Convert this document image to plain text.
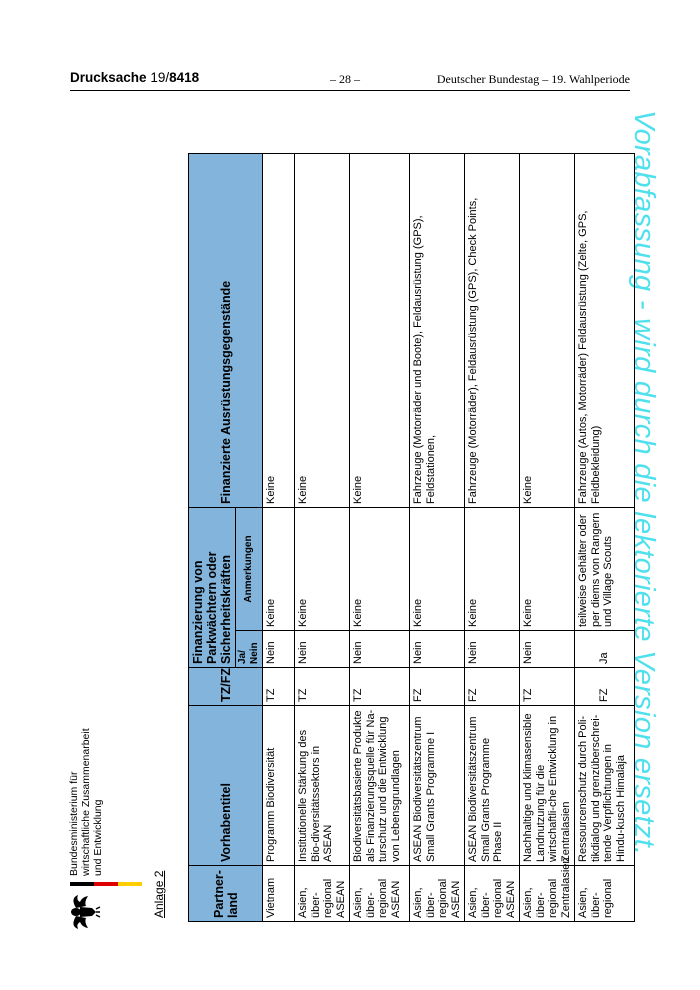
Drucksache 19/8418	– 28 –	Deutscher Bundestag – 19. Wahlperiode
Vorabfassung - wird durch die lektorierte Version ersetzt.
Bundesministerium für wirtschaftliche Zusammenarbeit und Entwicklung
Anlage 2	Partner-land	Vorhabentitel	TZ/FZ	Finanzierung von Parkwächtern oder Sicherheitskräften		Finanzierte Ausrüstungsgegenstände
			Ja/ Nein	Anmerkungen	
Vietnam	Programm Biodiversität	TZ	Nein	Keine	Keine
Asien, über-regional ASEAN	Institutionelle Stärkung des Bio-diversitätssektors in ASEAN	TZ	Nein	Keine	Keine
Asien, über-regional ASEAN	Biodiversitätsbasierte Produkte als Finanzierungsquelle für Na-turschutz und die Entwicklung von Lebensgrundlagen	TZ	Nein	Keine	Keine
Asien, über-regional ASEAN	ASEAN Biodiversitätszentrum Small Grants Programme I	FZ	Nein	Keine	Fahrzeuge (Motorräder und Boote), Feldausrüstung (GPS), Feldstationen,
Asien, über-regional ASEAN	ASEAN Biodiversitätszentrum Small Grants Programme Phase II	FZ	Nein	Keine	Fahrzeuge (Motorräder), Feldausrüstung (GPS), Check Points,
Asien, über-regional Zentralasien	Nachhaltige und klimasensible Landnutzung für die wirtschaftli-che Entwicklung in Zentralasien	TZ	Nein	Keine	Keine
Asien, über-regional	Ressourcenschutz durch Poli-tikdialog und grenzüberschrei-tende Verpflichtungen in Hindu-kusch Himalaja	FZ	Ja	teilweise Gehälter oder per diems von Rangern und Village Scouts	Fahrzeuge (Autos, Motorräder) Feldausrüstung (Zelte, GPS, Feldbekleidung)
